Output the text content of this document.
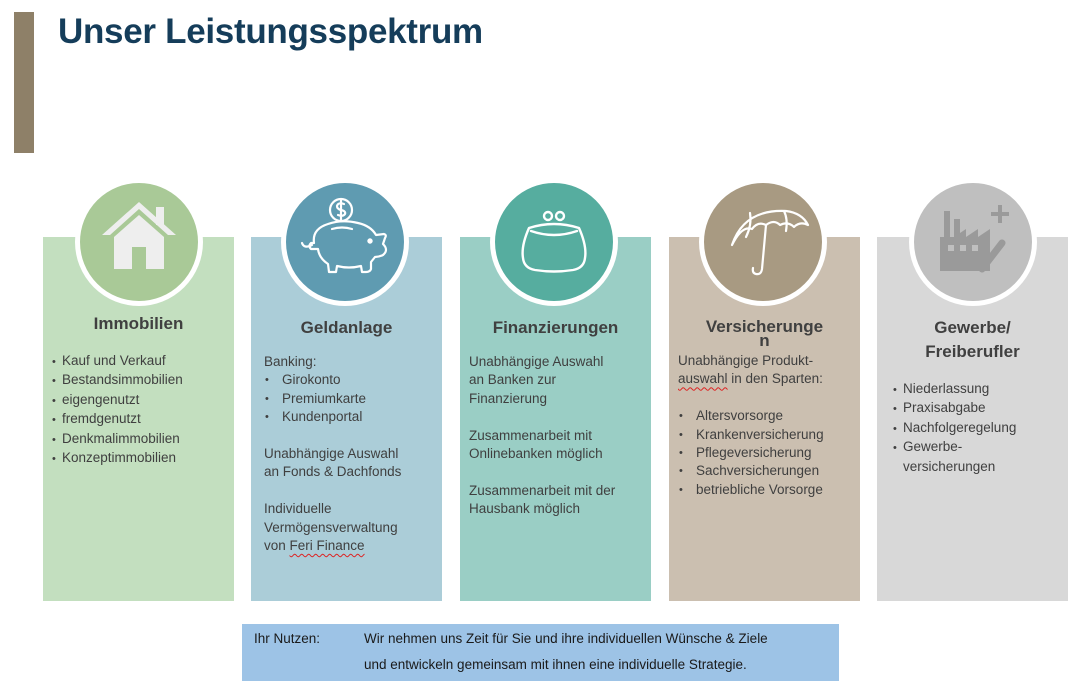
Unser Leistungsspektrum
Immobilien
• Kauf und Verkauf
• Bestandsimmobilien
• eigengenutzt
• fremdgenutzt
• Denkmalimmobilien
• Konzeptimmobilien
Geldanlage

Banking:

• Girokonto
• Premiumkarte
• Kundenportal

Unabhängige Auswahl

an Fonds & Dachfonds

Individuelle

Vermögensverwaltung

von Feri Finance

Finanzierungen

Unabhängige Auswahl

an Banken zur

Finanzierung

Zusammenarbeit mit

Onlinebanken möglich

Zusammenarbeit mit der

Hausbank möglich

Versicherunge
n

Unabhängige Produkt-

auswahl in den Sparten:

• Altersvorsorge
• Krankenversicherung
• Pflegeversicherung
• Sachversicherungen
• betriebliche Vorsorge
Gewerbe/
Freiberufler
• Niederlassung
• Praxisabgabe
• Nachfolgeregelung
• Gewerbe-

versicherungen

Ihr Nutzen:	Wir nehmen uns Zeit für Sie und ihre individuellen Wünsche & Ziele
und entwickeln gemeinsam mit ihnen eine individuelle Strategie.
